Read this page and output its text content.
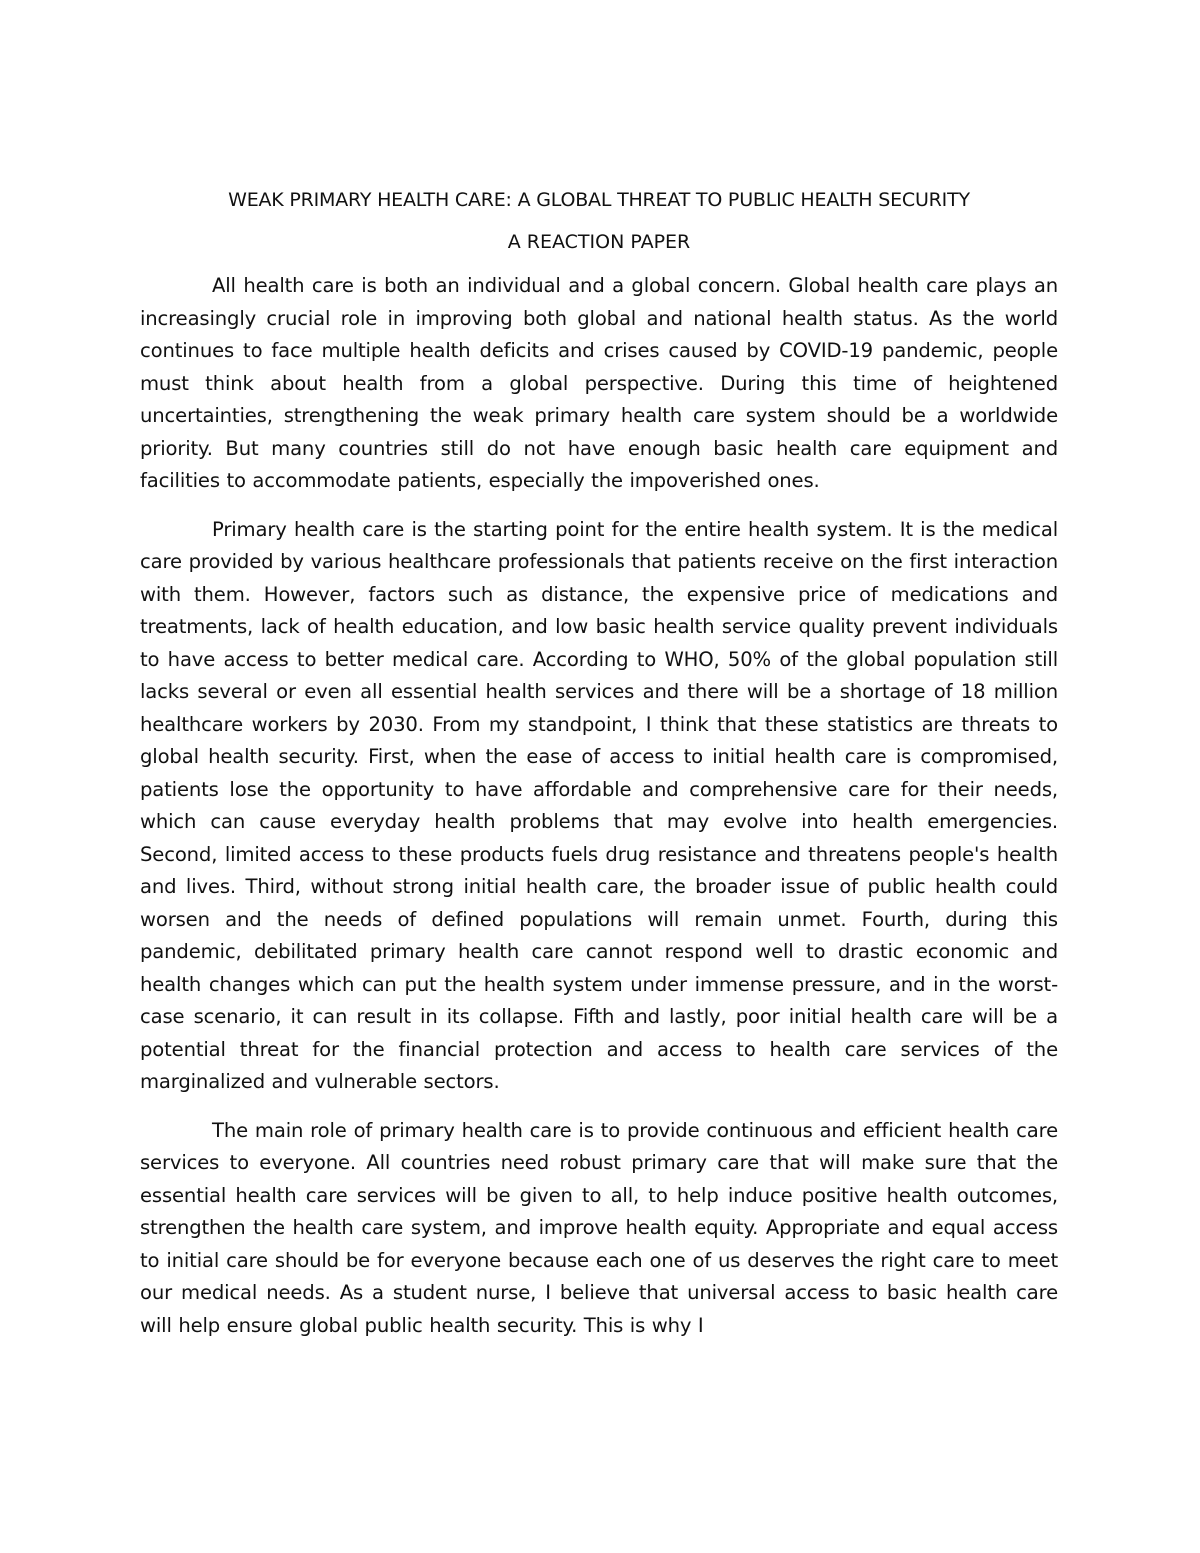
WEAK PRIMARY HEALTH CARE: A GLOBAL THREAT TO PUBLIC HEALTH SECURITY
A REACTION PAPER

All health care is both an individual and a global concern. Global health care plays an increasingly crucial role in improving both global and national health status. As the world continues to face multiple health deficits and crises caused by COVID-19 pandemic, people must think about health from a global perspective. During this time of heightened uncertainties, strengthening the weak primary health care system should be a worldwide priority. But many countries still do not have enough basic health care equipment and facilities to accommodate patients, especially the impoverished ones.

Primary health care is the starting point for the entire health system. It is the medical care provided by various healthcare professionals that patients receive on the first interaction with them. However, factors such as distance, the expensive price of medications and treatments, lack of health education, and low basic health service quality prevent individuals to have access to better medical care. According to WHO, 50% of the global population still lacks several or even all essential health services and there will be a shortage of 18 million healthcare workers by 2030. From my standpoint, I think that these statistics are threats to global health security. First, when the ease of access to initial health care is compromised, patients lose the opportunity to have affordable and comprehensive care for their needs, which can cause everyday health problems that may evolve into health emergencies. Second, limited access to these products fuels drug resistance and threatens people's health and lives. Third, without strong initial health care, the broader issue of public health could worsen and the needs of defined populations will remain unmet. Fourth, during this pandemic, debilitated primary health care cannot respond well to drastic economic and health changes which can put the health system under immense pressure, and in the worst-case scenario, it can result in its collapse. Fifth and lastly, poor initial health care will be a potential threat for the financial protection and access to health care services of the marginalized and vulnerable sectors.

The main role of primary health care is to provide continuous and efficient health care services to everyone. All countries need robust primary care that will make sure that the essential health care services will be given to all, to help induce positive health outcomes, strengthen the health care system, and improve health equity. Appropriate and equal access to initial care should be for everyone because each one of us deserves the right care to meet our medical needs. As a student nurse, I believe that universal access to basic health care will help ensure global public health security. This is why I
